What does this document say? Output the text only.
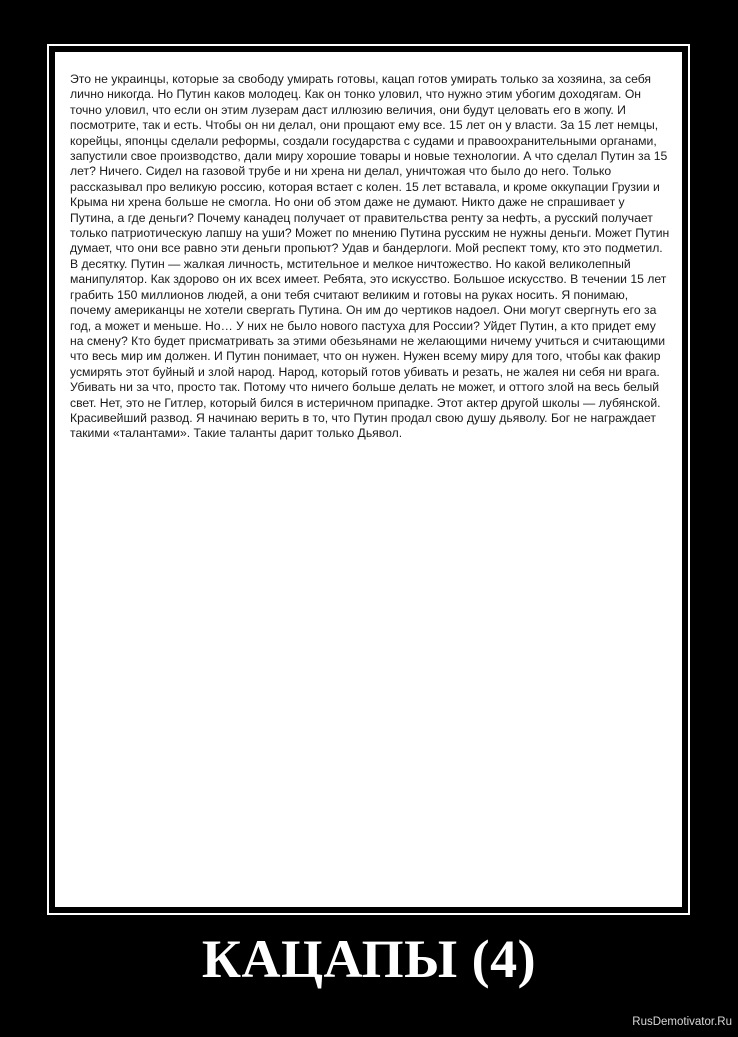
Это не украинцы, которые за свободу умирать готовы, кацап готов умирать только за хозяина, за себя лично никогда. Но Путин каков молодец. Как он тонко уловил, что нужно этим убогим доходягам. Он точно уловил, что если он этим лузерам даст иллюзию величия, они будут целовать его в жопу. И посмотрите, так и есть. Чтобы он ни делал, они прощают ему все. 15 лет он у власти. За 15 лет немцы, корейцы, японцы сделали реформы, создали государства с судами и правоохранительными органами, запустили свое производство, дали миру хорошие товары и новые технологии. А что сделал Путин за 15 лет? Ничего. Сидел на газовой трубе и ни хрена ни делал, уничтожая что было до него. Только рассказывал про великую россию, которая встает с колен. 15 лет вставала, и кроме оккупации Грузии и Крыма ни хрена больше не смогла. Но они об этом даже не думают. Никто даже не спрашивает у Путина, а где деньги? Почему канадец получает от правительства ренту за нефть, а русский получает только патриотическую лапшу на уши? Может по мнению Путина русским не нужны деньги. Может Путин думает, что они все равно эти деньги пропьют? Удав и бандерлоги. Мой респект тому, кто это подметил. В десятку. Путин — жалкая личность, мстительное и мелкое ничтожество. Но какой великолепный манипулятор. Как здорово он их всех имеет. Ребята, это искусство. Большое искусство. В течении 15 лет грабить 150 миллионов людей, а они тебя считают великим и готовы на руках носить. Я понимаю, почему американцы не хотели свергать Путина. Он им до чертиков надоел. Они могут свергнуть его за год, а может и меньше. Но… У них не было нового пастуха для России? Уйдет Путин, а кто придет ему на смену? Кто будет присматривать за этими обезьянами не желающими ничему учиться и считающими что весь мир им должен. И Путин понимает, что он нужен. Нужен всему миру для того, чтобы как факир усмирять этот буйный и злой народ. Народ, который готов убивать и резать, не жалея ни себя ни врага. Убивать ни за что, просто так. Потому что ничего больше делать не может, и оттого злой на весь белый свет. Нет, это не Гитлер, который бился в истеричном припадке. Этот актер другой школы — лубянской. Красивейший развод. Я начинаю верить в то, что Путин продал свою душу дьяволу. Бог не награждает такими «талантами». Такие таланты дарит только Дьявол.

КАЦАПЫ (4)
RusDemotivator.Ru
